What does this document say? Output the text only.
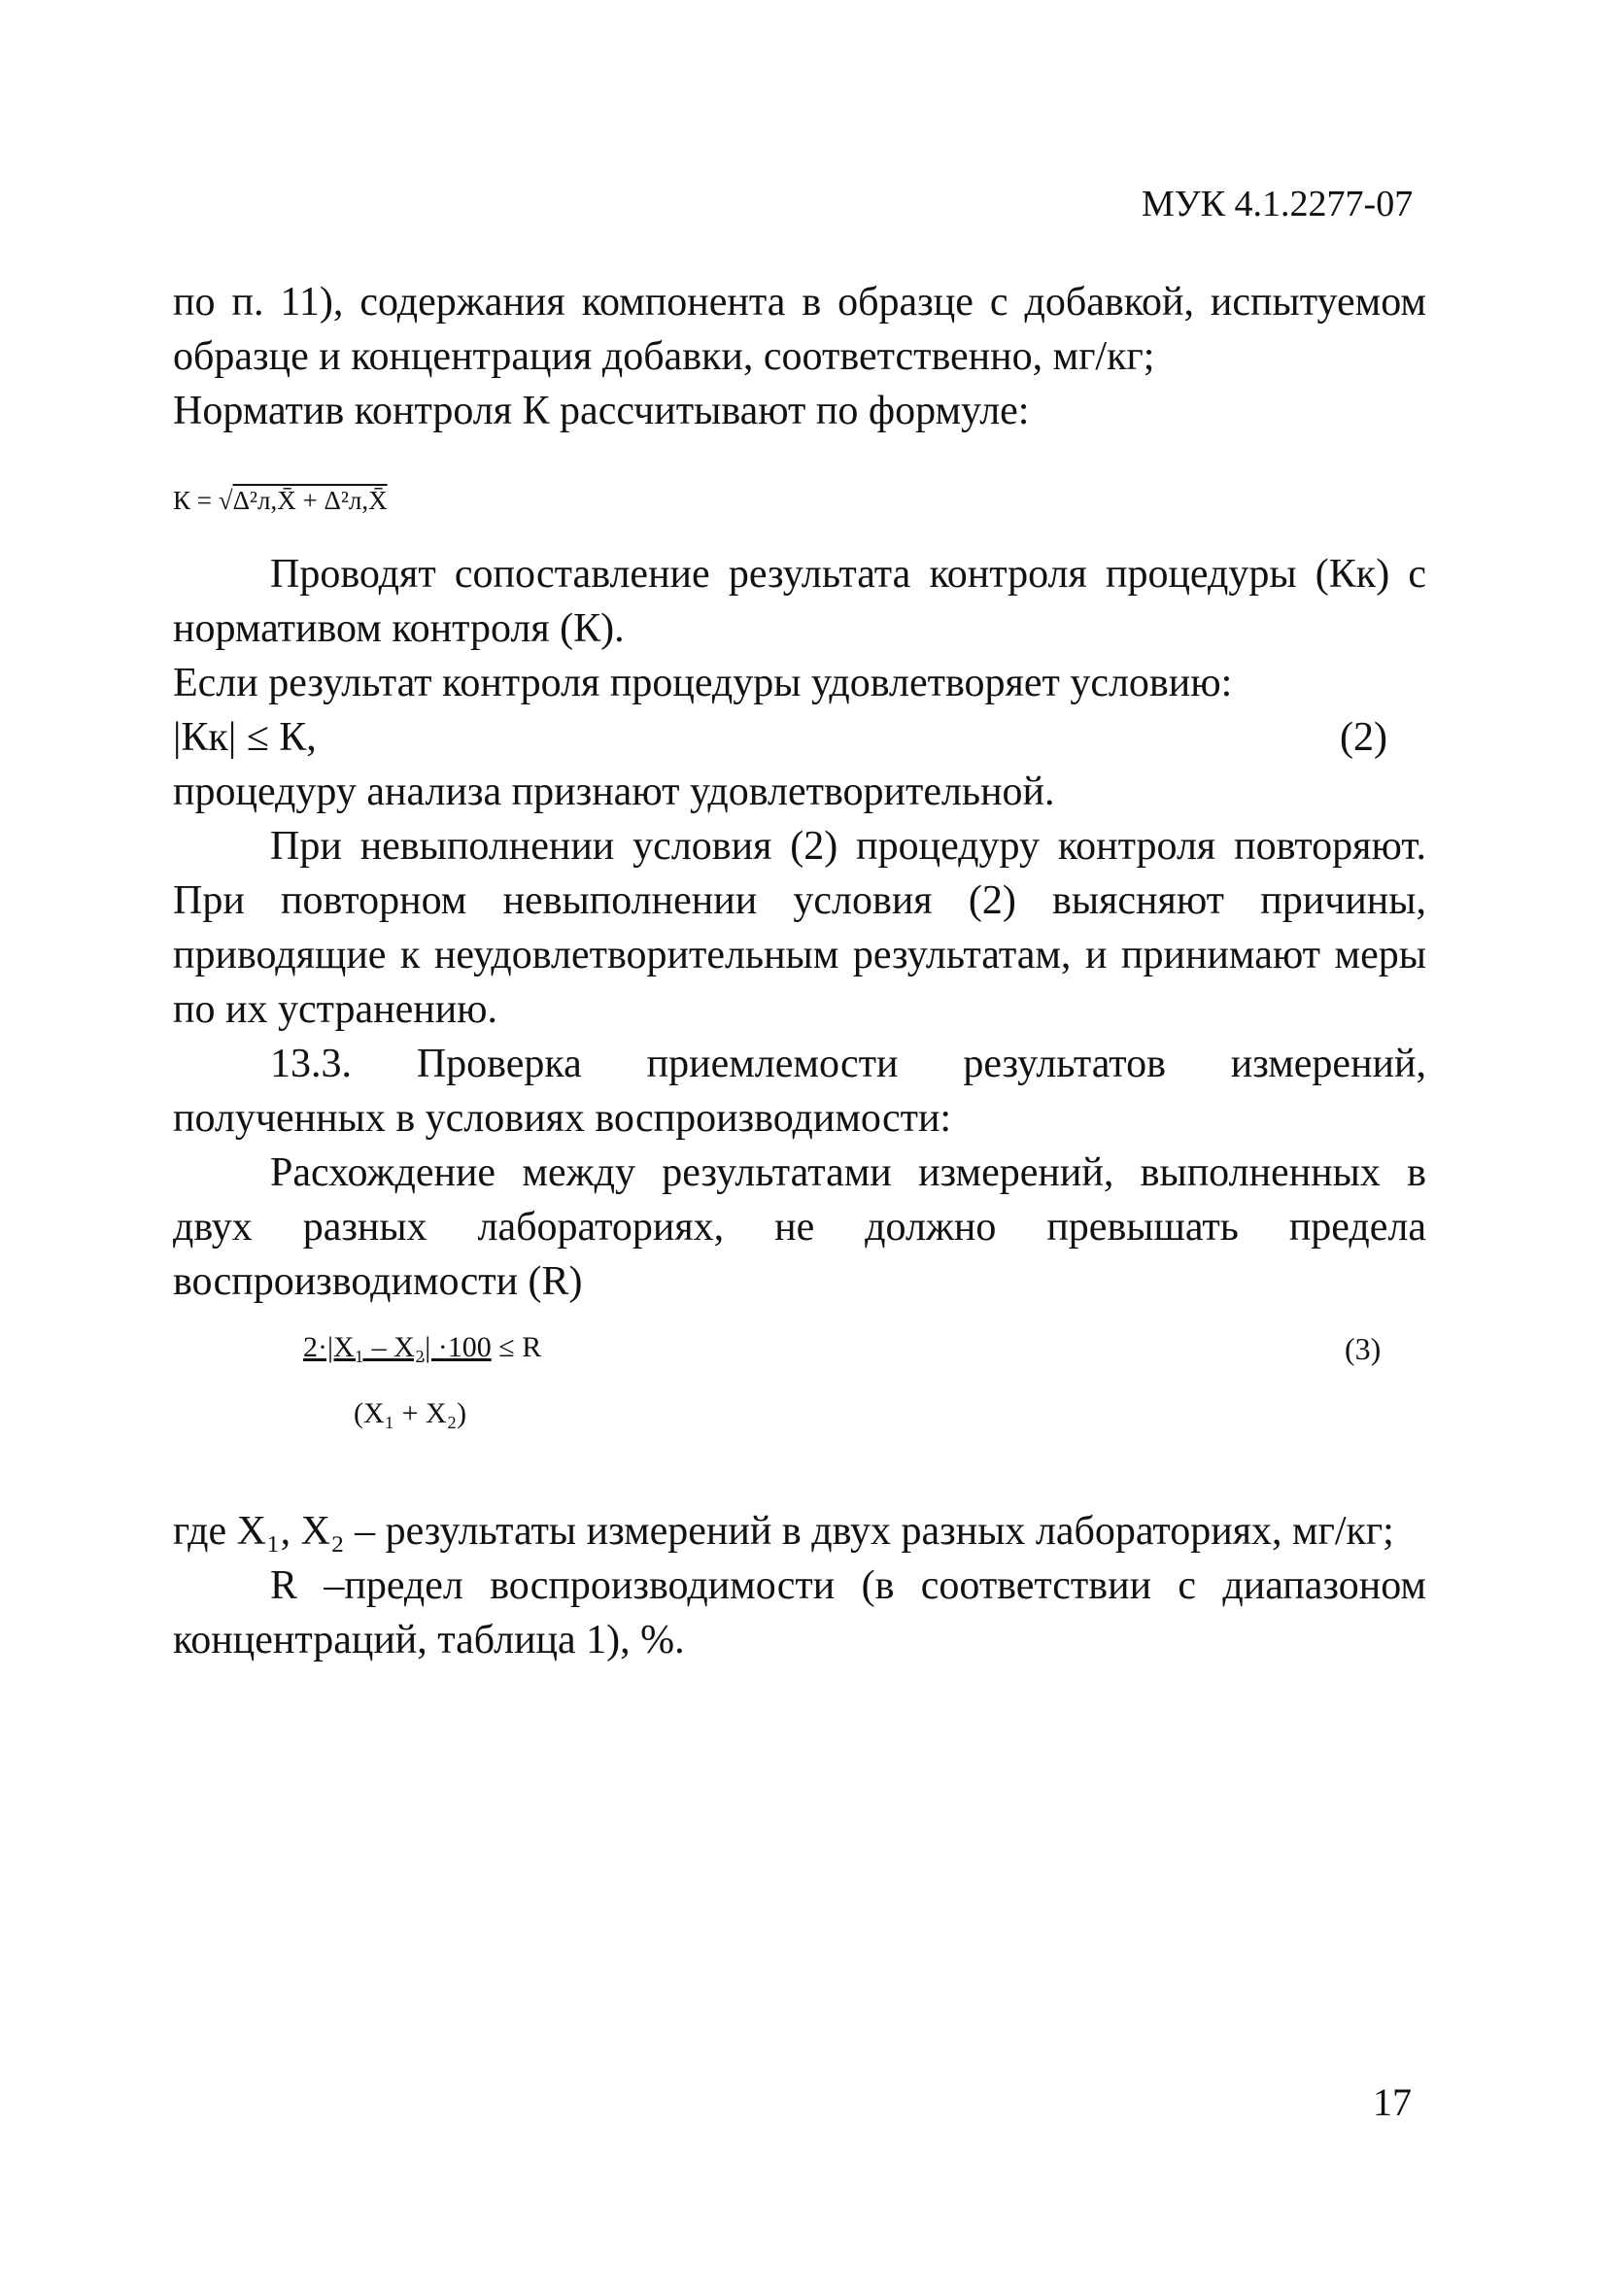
МУК 4.1.2277-07

по п. 11), содержания компонента в образце с добавкой, испытуемом образце и концентрация добавки, соответственно, мг/кг;

Норматив контроля К рассчитывают по формуле:

К = √Δ²л,X̄ + Δ²л,X̄

Проводят сопоставление результата контроля процедуры (Кк) с нормативом контроля (К).

Если результат контроля процедуры удовлетворяет условию:

|Кк| ≤ К,	(2)

процедуру анализа признают удовлетворительной.

При невыполнении условия (2) процедуру контроля повторяют. При повторном невыполнении условия (2) выясняют причины, приводящие к неудовлетворительным результатам, и принимают меры по их устранению.

13.3. Проверка приемлемости результатов измерений, полученных в условиях воспроизводимости:

Расхождение между результатами измерений, выполненных в двух разных лабораториях, не должно превышать предела воспроизводимости (R)

2·|X₁ – X₂| ·100 ≤ R
(X₁ + X₂)
(3)

где X₁, X₂ – результаты измерений в двух разных лабораториях, мг/кг;

R –предел воспроизводимости (в соответствии с диапазоном концентраций, таблица 1), %.

17
